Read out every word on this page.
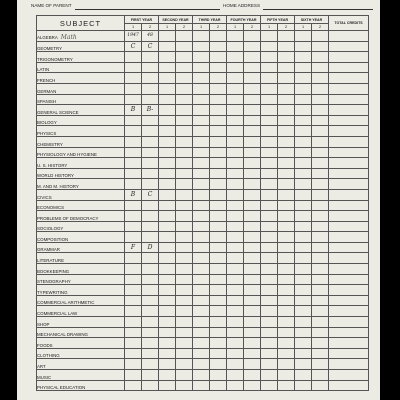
NAME OF PARENT	HOME ADDRESS
SUBJECT	FIRST YEAR		SECOND YEAR		THIRD YEAR		FOURTH YEAR		FIFTH YEAR		SIXTH YEAR		TOTAL CREDITS
	1	2	1	2	1	2	1	2	1	2	1	2	
ALGEBRA Math	1947	48											
GEOMETRY	C	C											
TRIGONOMETRY													
LATIN													
FRENCH													
GERMAN													
SPANISH													
GENERAL SCIENCE	B	B-											
BIOLOGY													
PHYSICS													
CHEMISTRY													
PHYSIOLOGY AND HYGIENE													
U. S. HISTORY													
WORLD HISTORY													
M. AND M. HISTORY													
CIVICS	B	C											
ECONOMICS													
PROBLEMS OF DEMOCRACY													
SOCIOLOGY													
COMPOSITION													
GRAMMAR	F	D											
LITERATURE													
BOOKKEEPING													
STENOGRAPHY													
TYPEWRITING													
COMMERCIAL ARITHMETIC													
COMMERCIAL LAW													
SHOP													
MECHANICAL DRAWING													
FOODS													
CLOTHING													
ART													
MUSIC													
PHYSICAL EDUCATION													
